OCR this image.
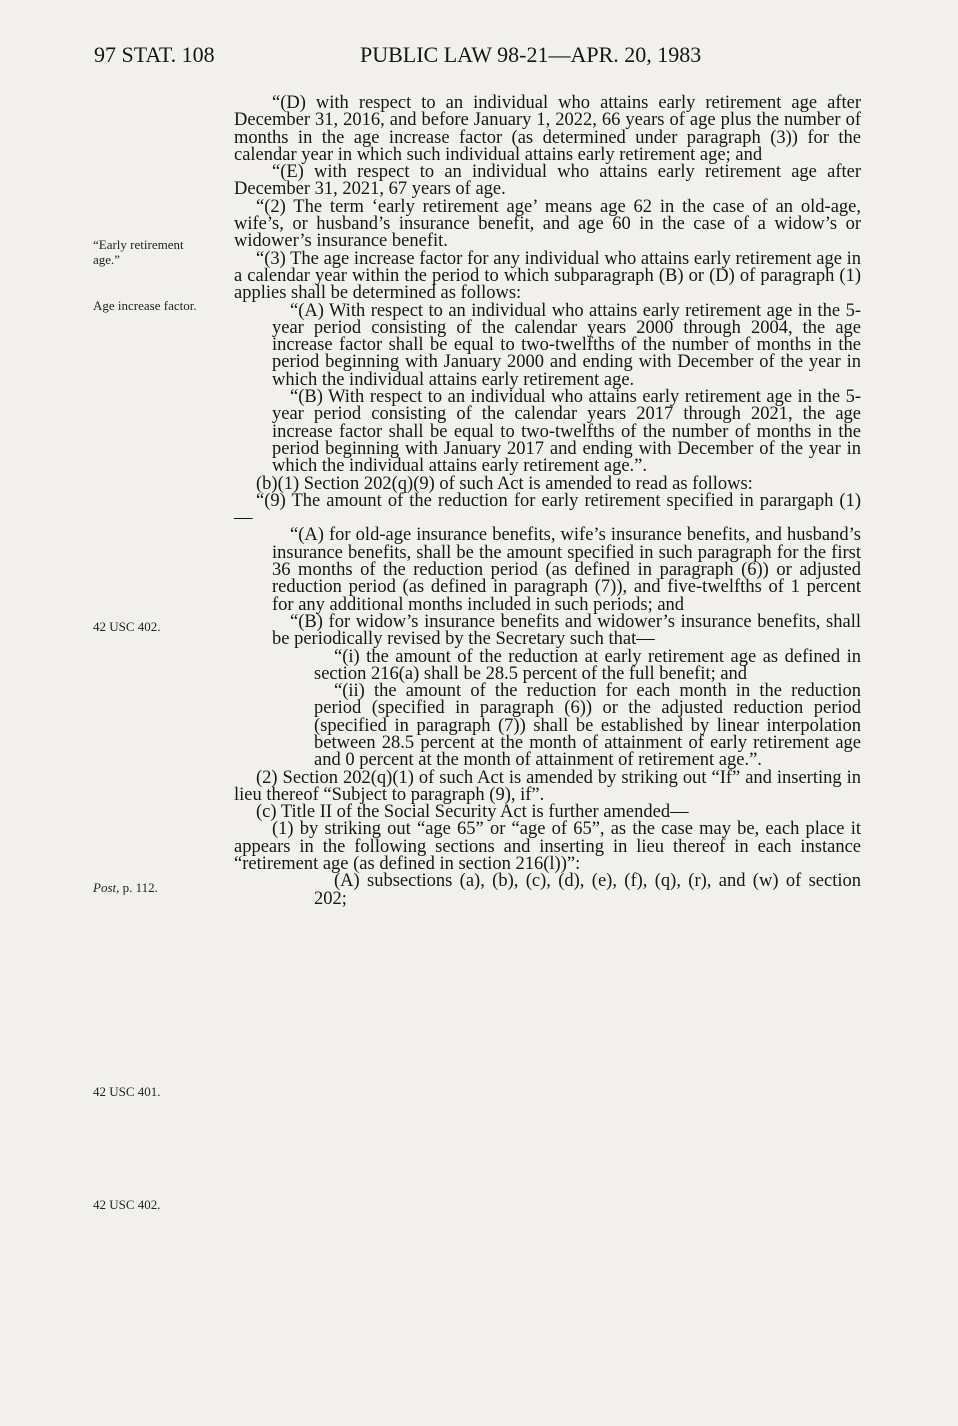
97 STAT. 108	PUBLIC LAW 98-21—APR. 20, 1983
“Early retirement age.”
Age increase factor.
42 USC 402.
Post, p. 112.
42 USC 401.
42 USC 402.

“(D) with respect to an individual who attains early retirement age after December 31, 2016, and before January 1, 2022, 66 years of age plus the number of months in the age increase factor (as determined under paragraph (3)) for the calendar year in which such individual attains early retirement age; and

“(E) with respect to an individual who attains early retirement age after December 31, 2021, 67 years of age.

“(2) The term ‘early retirement age’ means age 62 in the case of an old-age, wife’s, or husband’s insurance benefit, and age 60 in the case of a widow’s or widower’s insurance benefit.

“(3) The age increase factor for any individual who attains early retirement age in a calendar year within the period to which subparagraph (B) or (D) of paragraph (1) applies shall be determined as follows:

“(A) With respect to an individual who attains early retirement age in the 5-year period consisting of the calendar years 2000 through 2004, the age increase factor shall be equal to two-twelfths of the number of months in the period beginning with January 2000 and ending with December of the year in which the individual attains early retirement age.

“(B) With respect to an individual who attains early retirement age in the 5-year period consisting of the calendar years 2017 through 2021, the age increase factor shall be equal to two-twelfths of the number of months in the period beginning with January 2017 and ending with December of the year in which the individual attains early retirement age.”.

(b)(1) Section 202(q)(9) of such Act is amended to read as follows:

“(9) The amount of the reduction for early retirement specified in parargaph (1)—

“(A) for old-age insurance benefits, wife’s insurance benefits, and husband’s insurance benefits, shall be the amount specified in such paragraph for the first 36 months of the reduction period (as defined in paragraph (6)) or adjusted reduction period (as defined in paragraph (7)), and five-twelfths of 1 percent for any additional months included in such periods; and

“(B) for widow’s insurance benefits and widower’s insurance benefits, shall be periodically revised by the Secretary such that—

“(i) the amount of the reduction at early retirement age as defined in section 216(a) shall be 28.5 percent of the full benefit; and

“(ii) the amount of the reduction for each month in the reduction period (specified in paragraph (6)) or the adjusted reduction period (specified in paragraph (7)) shall be established by linear interpolation between 28.5 percent at the month of attainment of early retirement age and 0 percent at the month of attainment of retirement age.”.

(2) Section 202(q)(1) of such Act is amended by striking out “If” and inserting in lieu thereof “Subject to paragraph (9), if”.

(c) Title II of the Social Security Act is further amended—

(1) by striking out “age 65” or “age of 65”, as the case may be, each place it appears in the following sections and inserting in lieu thereof in each instance “retirement age (as defined in section 216(l))”:

(A) subsections (a), (b), (c), (d), (e), (f), (q), (r), and (w) of section 202;
